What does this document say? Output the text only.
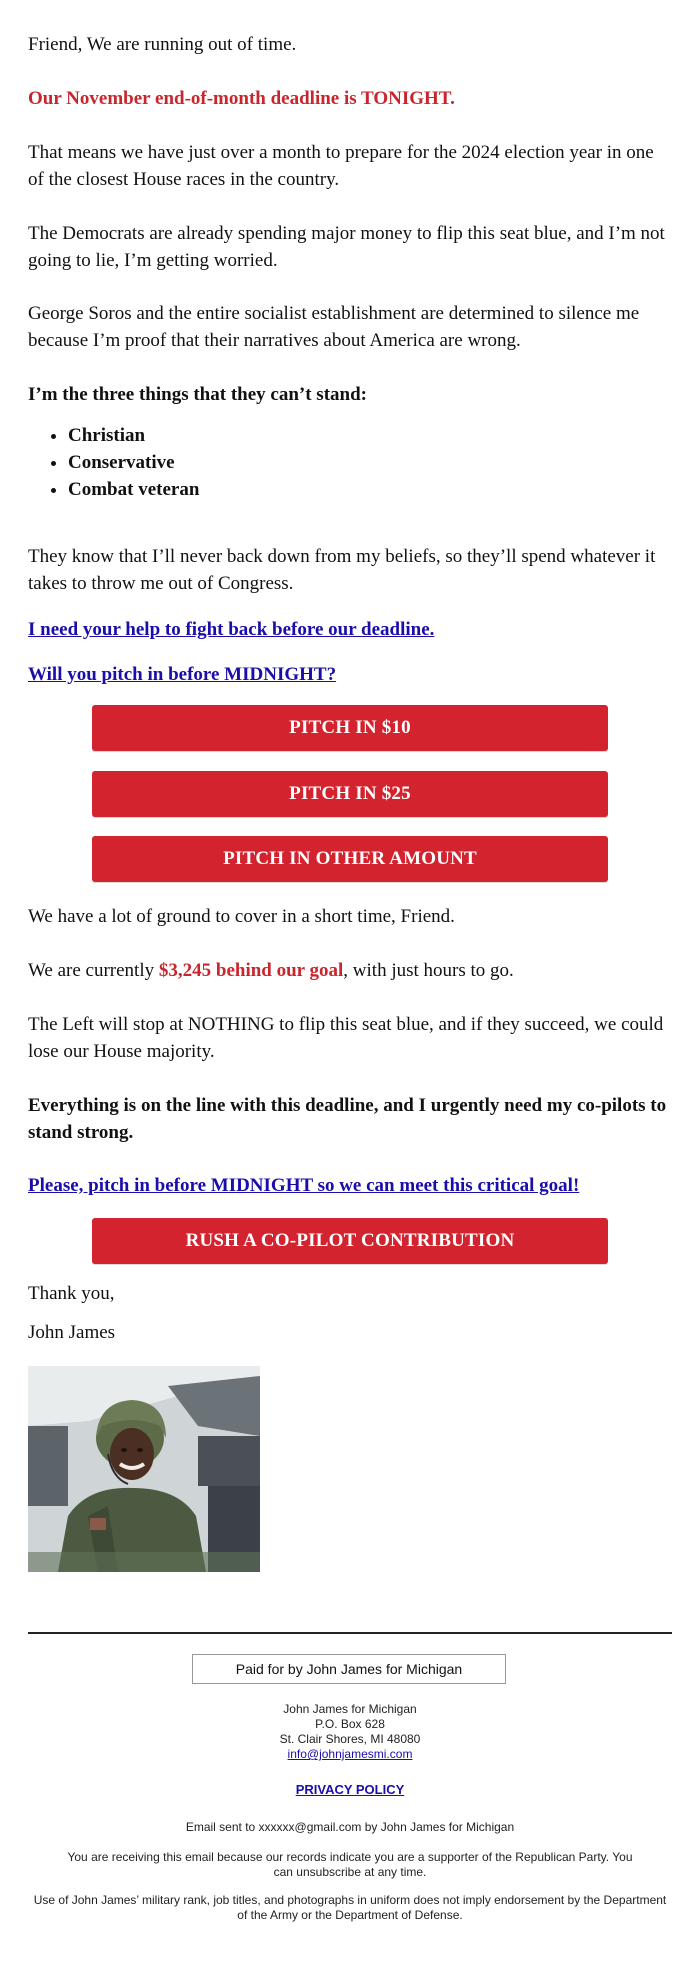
Friend, We are running out of time.

Our November end-of-month deadline is TONIGHT.

That means we have just over a month to prepare for the 2024 election year in one of the closest House races in the country.

The Democrats are already spending major money to flip this seat blue, and I’m not going to lie, I’m getting worried.

George Soros and the entire socialist establishment are determined to silence me because I’m proof that their narratives about America are wrong.

I’m the three things that they can’t stand:

• Christian
• Conservative
• Combat veteran

They know that I’ll never back down from my beliefs, so they’ll spend whatever it takes to throw me out of Congress.

I need your help to fight back before our deadline.

Will you pitch in before MIDNIGHT?

PITCH IN $10
PITCH IN $25
PITCH IN OTHER AMOUNT

We have a lot of ground to cover in a short time, Friend.

We are currently $3,245 behind our goal, with just hours to go.

The Left will stop at NOTHING to flip this seat blue, and if they succeed, we could lose our House majority.

Everything is on the line with this deadline, and I urgently need my co-pilots to stand strong.

Please, pitch in before MIDNIGHT so we can meet this critical goal!

RUSH A CO-PILOT CONTRIBUTION

Thank you,

John James

Paid for by John James for Michigan

John James for Michigan
P.O. Box 628
St. Clair Shores, MI 48080
info@johnjamesmi.com

PRIVACY POLICY

Email sent to xxxxxx@gmail.com by John James for Michigan

You are receiving this email because our records indicate you are a supporter of the Republican Party. You can unsubscribe at any time.

Use of John James’ military rank, job titles, and photographs in uniform does not imply endorsement by the Department of the Army or the Department of Defense.
